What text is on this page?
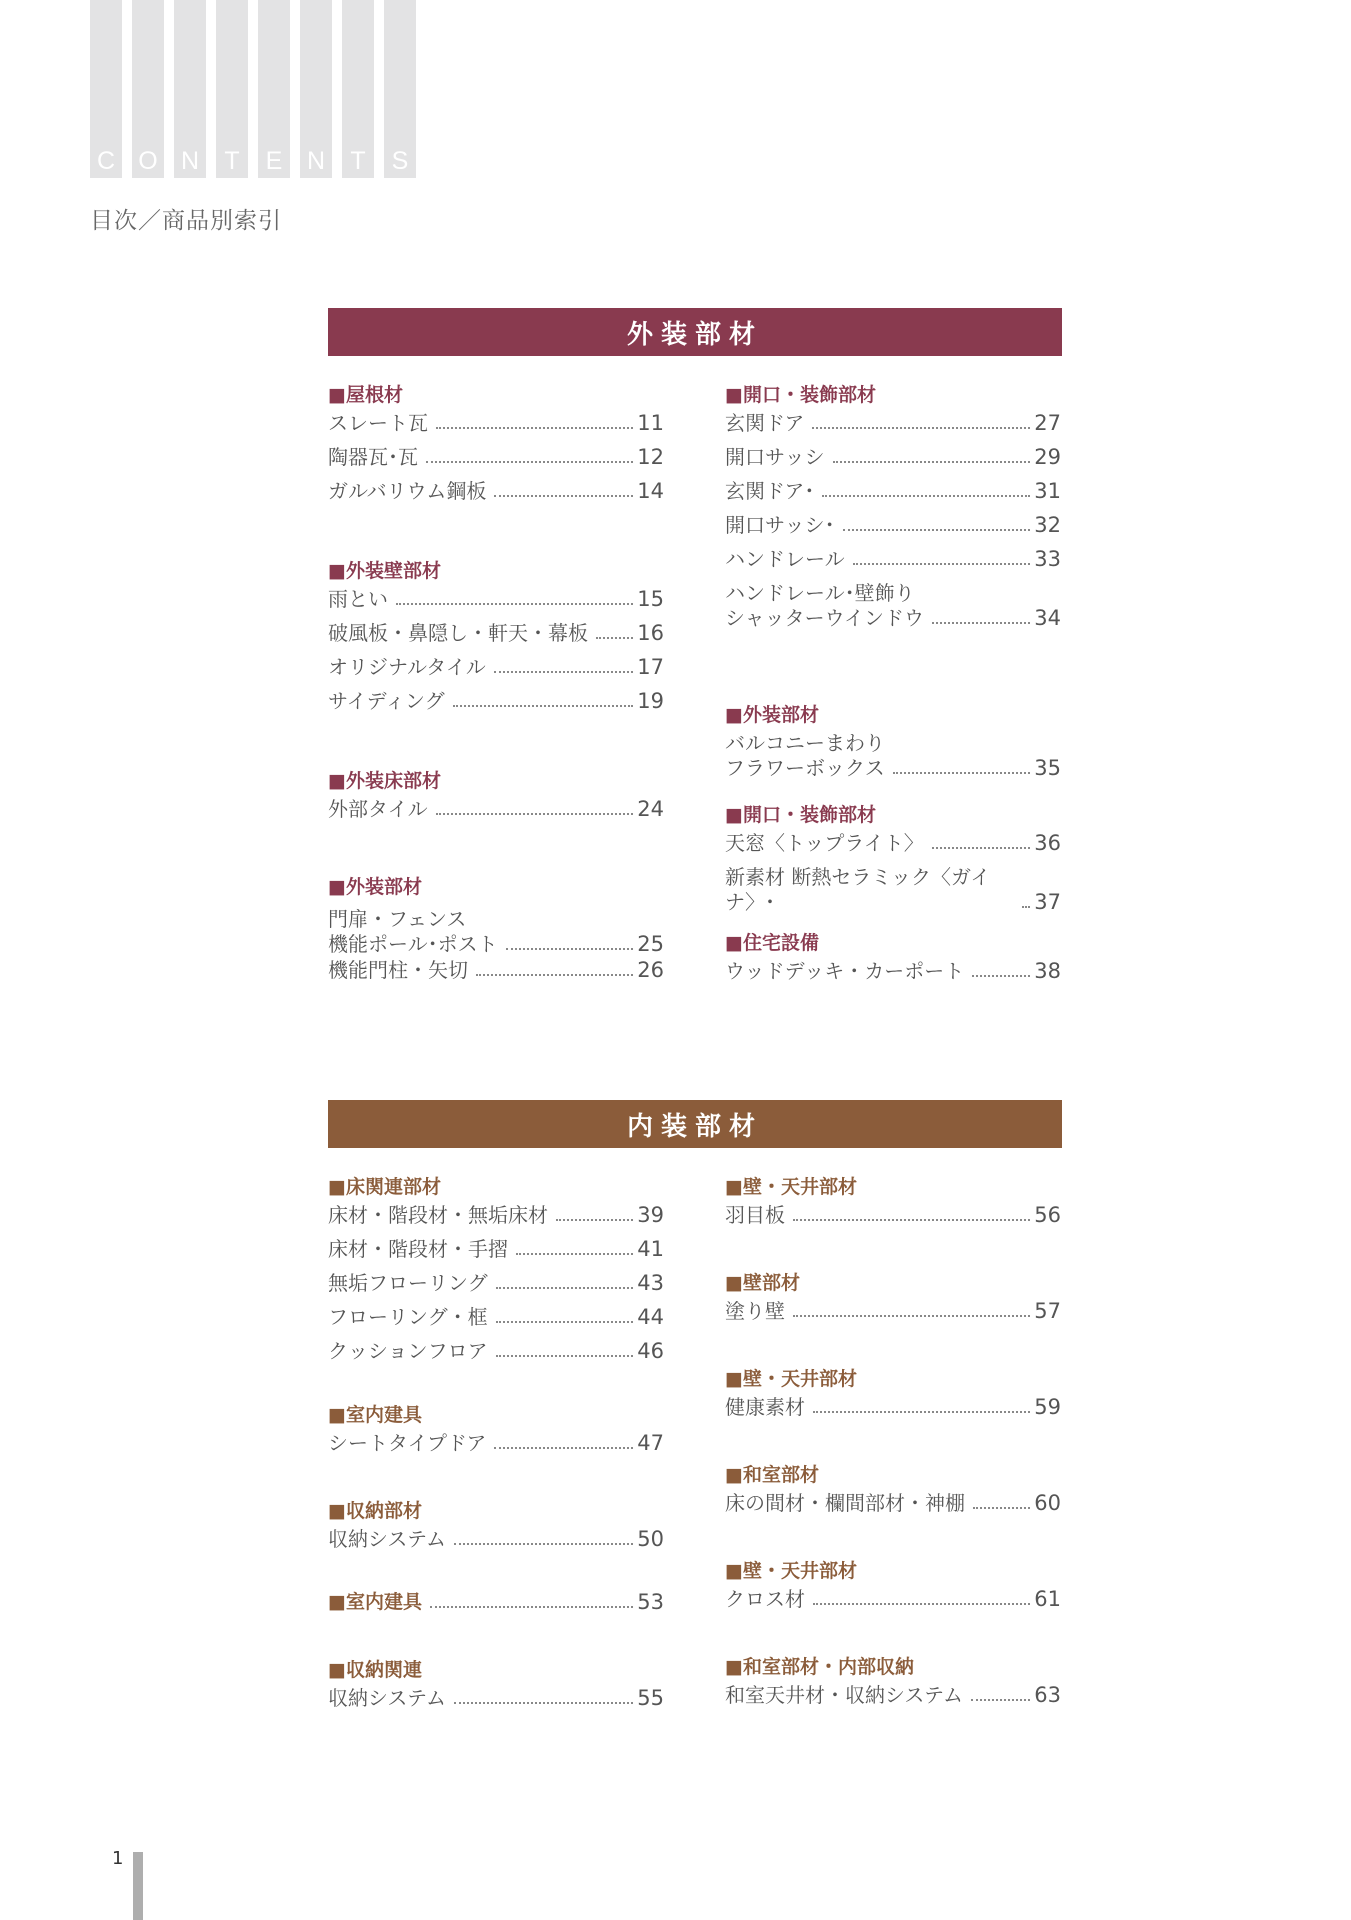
C O N	T	E N	T	S
目次／商品別索引
外装部材
■屋根材
スレート瓦	11
陶器瓦･瓦	12
ガルバリウム鋼板	14
■外装壁部材
雨とい	15
破風板・鼻隠し・軒天・幕板 16
オリジナルタイル	17
サイディング	19
■外装床部材
外部タイル	24
■外装部材
門扉・フェンス
機能ポール･ポスト	25
機能門柱・矢切	26
■開口・装飾部材
玄関ドア	27
開口サッシ	29
玄関ドア･	31
開口サッシ･	32
ハンドレール	33
ハンドレール･壁飾り
シャッターウインドウ	34
■外装部材
バルコニーまわり
フラワーボックス	35
■開口・装飾部材
天窓〈トップライト〉	36
新素材 断熱セラミック〈ガイナ〉･	37
■住宅設備
ウッドデッキ・カーポート	38
内装部材
■床関連部材
床材・階段材・無垢床材	39
床材・階段材・手摺	41
無垢フローリング	43
フローリング・框	44
クッションフロア	46
■室内建具
シートタイプドア	47
■収納部材
収納システム	50
■室内建具	53
■収納関連
収納システム	55
■壁・天井部材
羽目板	56
■壁部材
塗り壁	57
■壁・天井部材
健康素材	59
■和室部材
床の間材・欄間部材・神棚	60
■壁・天井部材
クロス材	61
■和室部材・内部収納
和室天井材・収納システム	63
1
